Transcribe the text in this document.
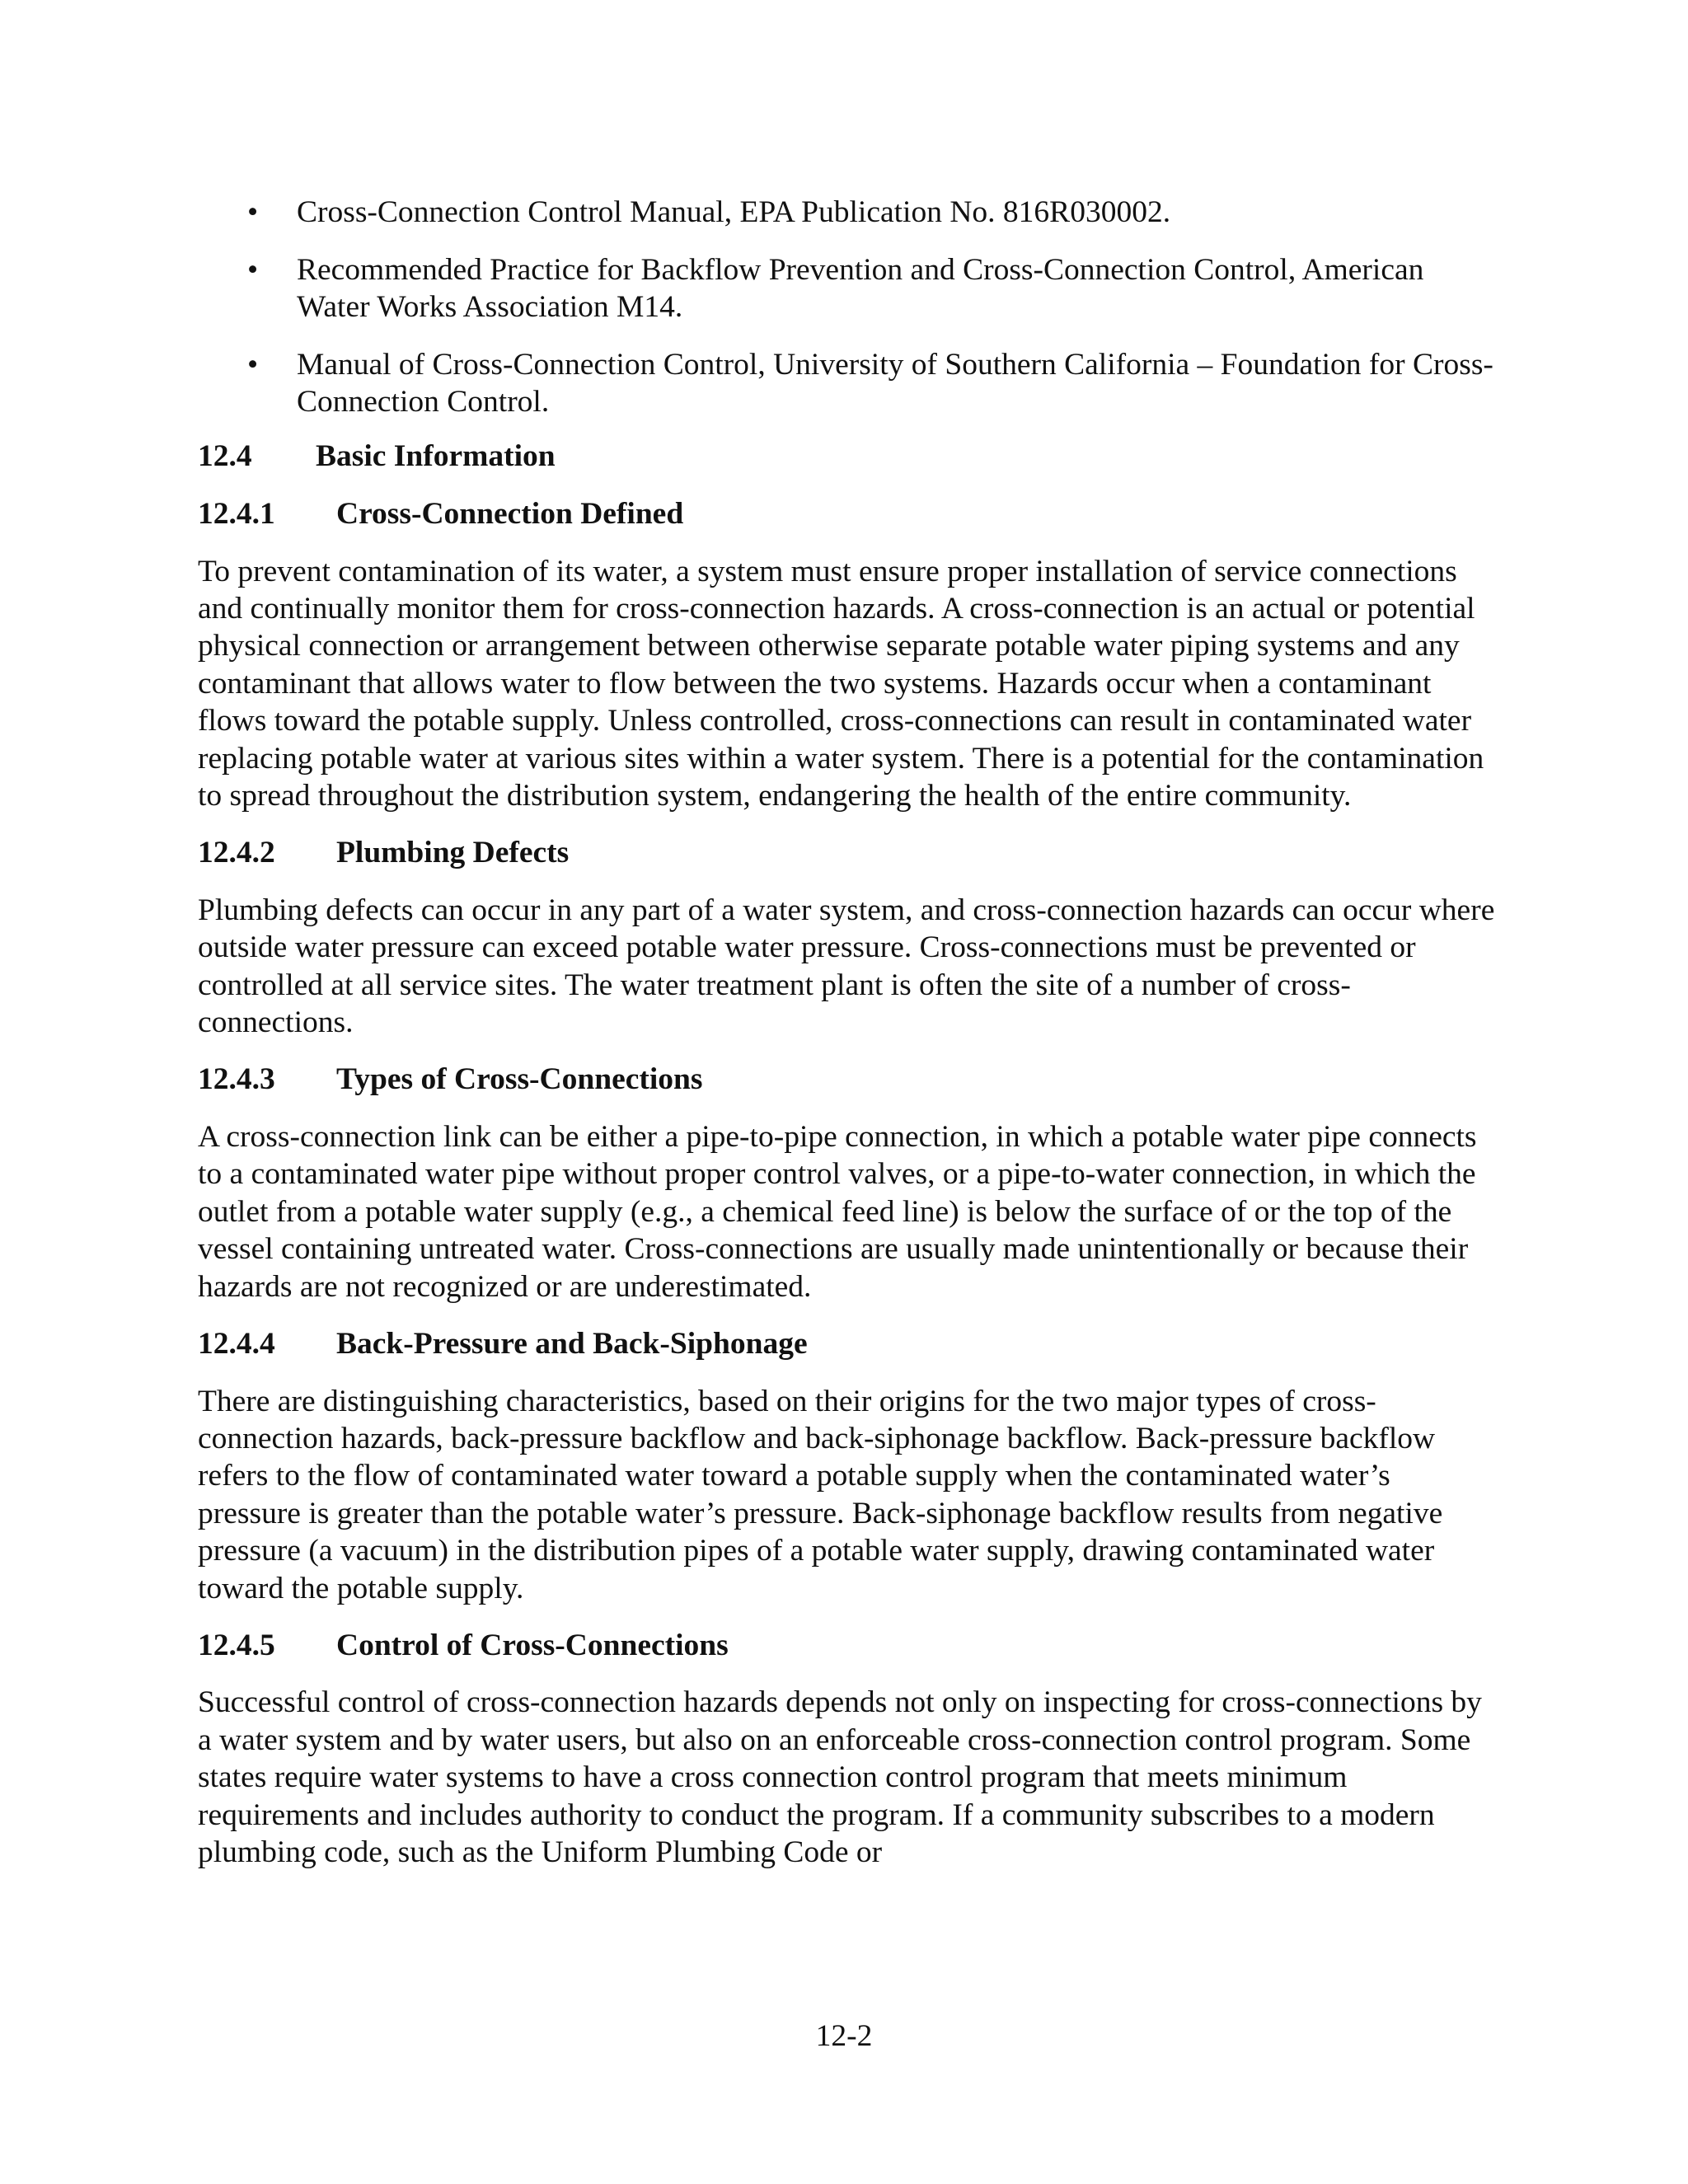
• Cross-Connection Control Manual, EPA Publication No. 816R030002.
• Recommended Practice for Backflow Prevention and Cross-Connection Control, American Water Works Association M14.
• Manual of Cross-Connection Control, University of Southern California – Foundation for Cross-Connection Control.
12.4 Basic Information
12.4.1 Cross-Connection Defined

To prevent contamination of its water, a system must ensure proper installation of service connections and continually monitor them for cross-connection hazards. A cross-connection is an actual or potential physical connection or arrangement between otherwise separate potable water piping systems and any contaminant that allows water to flow between the two systems. Hazards occur when a contaminant flows toward the potable supply. Unless controlled, cross-connections can result in contaminated water replacing potable water at various sites within a water system. There is a potential for the contamination to spread throughout the distribution system, endangering the health of the entire community.

12.4.2 Plumbing Defects

Plumbing defects can occur in any part of a water system, and cross-connection hazards can occur where outside water pressure can exceed potable water pressure. Cross-connections must be prevented or controlled at all service sites. The water treatment plant is often the site of a number of cross-connections.

12.4.3 Types of Cross-Connections

A cross-connection link can be either a pipe-to-pipe connection, in which a potable water pipe connects to a contaminated water pipe without proper control valves, or a pipe-to-water connection, in which the outlet from a potable water supply (e.g., a chemical feed line) is below the surface of or the top of the vessel containing untreated water. Cross-connections are usually made unintentionally or because their hazards are not recognized or are underestimated.

12.4.4 Back-Pressure and Back-Siphonage

There are distinguishing characteristics, based on their origins for the two major types of cross-connection hazards, back-pressure backflow and back-siphonage backflow. Back-pressure backflow refers to the flow of contaminated water toward a potable supply when the contaminated water’s pressure is greater than the potable water’s pressure. Back-siphonage backflow results from negative pressure (a vacuum) in the distribution pipes of a potable water supply, drawing contaminated water toward the potable supply.

12.4.5 Control of Cross-Connections

Successful control of cross-connection hazards depends not only on inspecting for cross-connections by a water system and by water users, but also on an enforceable cross-connection control program. Some states require water systems to have a cross connection control program that meets minimum requirements and includes authority to conduct the program. If a community subscribes to a modern plumbing code, such as the Uniform Plumbing Code or

12-2
